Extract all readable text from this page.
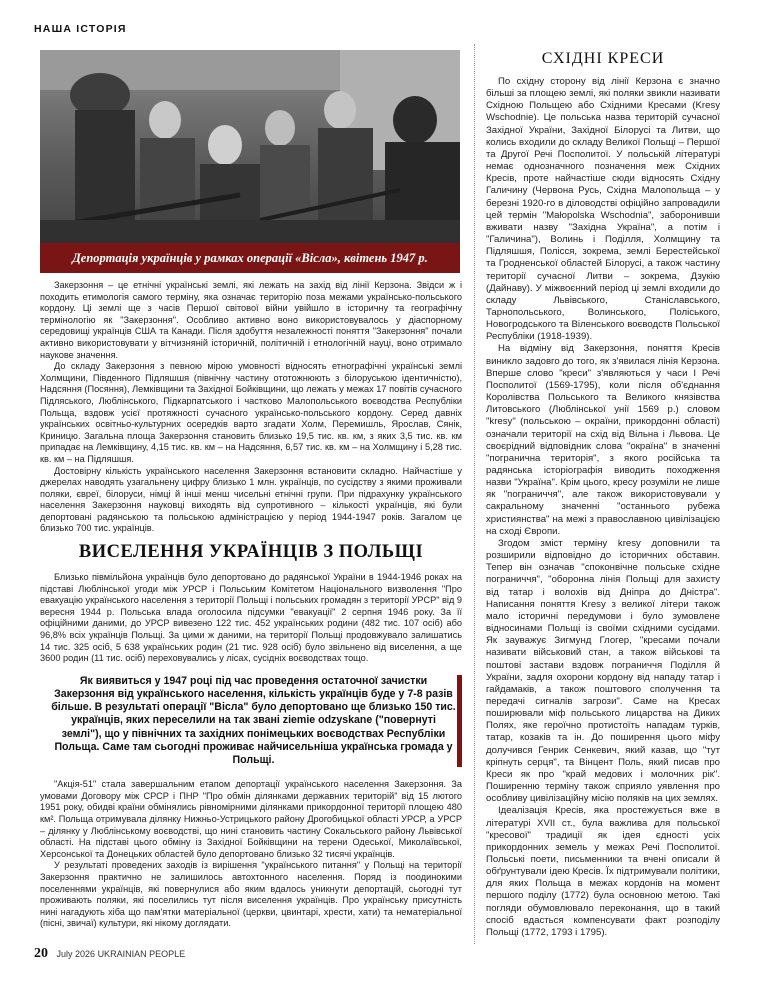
НАША ІСТОРІЯ
Депортація українців у рамках операції «Вісла», квітень 1947 р.

Закерзоння – це етнічні українські землі, які лежать на захід від лінії Керзона. Звідси ж і походить етимологія самого терміну, яка означає територію поза межами українсько-польського кордону. Ці землі ще з часів Першої світової війни увійшло в історичну та географічну термінологію як "Закерзоння". Особливо активно воно використовувалось у діаспорному середовищі українців США та Канади. Після здобуття незалежності поняття "Закерзоння" почали активно використовувати у вітчизняній історичній, політичній і етнологічній науці, воно отримало наукове значення.

До складу Закерзоння з певною мірою умовності відносять етнографічні українські землі Холмщини, Південного Підляшшя (північну частину ототожнюють з білоруською ідентичністю), Надсяння (Посяння), Лемківщини та Західної Бойківщини, що лежать у межах 17 повітів сучасного Підляського, Люблінського, Підкарпатського і частково Малопольського воєводства Республіки Польща, вздовж усієї протяжності сучасного українсько-польського кордону. Серед давніх українських освітньо-культурних осередків варто згадати Холм, Перемишль, Ярослав, Сянік, Криницю. Загальна площа Закерзоння становить близько 19,5 тис. кв. км, з яких 3,5 тис. кв. км припадає на Лемківщину, 4,15 тис. кв. км – на Надсяння, 6,57 тис. кв. км – на Холмщину і 5,28 тис. кв. км – на Підляшшя.

Достовірну кількість українського населення Закерзоння встановити складно. Найчастіше у джерелах наводять узагальнену цифру близько 1 млн. українців, по сусідству з якими проживали поляки, євреї, білоруси, німці й інші менш чисельні етнічні групи. При підрахунку українського населення Закерзоння науковці виходять від супротивного – кількості українців, які були депортовані радянською та польською адміністрацією у період 1944-1947 років. Загалом це близько 700 тис. українців.

ВИСЕЛЕННЯ УКРАЇНЦІВ З ПОЛЬЩІ

Близько півмільйона українців було депортовано до радянської України в 1944-1946 роках на підставі Люблінської угоди між УРСР і Польським Комітетом Національного визволення "Про евакуацію українського населення з території Польщі і польських громадян з території УРСР" від 9 вересня 1944 р. Польська влада оголосила підсумки "евакуації" 2 серпня 1946 року. За її офіційними даними, до УРСР вивезено 122 тис. 452 українських родини (482 тис. 107 осіб) або 96,8% всіх українців Польщі. За цими ж даними, на території Польщі продовжувало залишатись 14 тис. 325 осіб, 5 638 українських родин (21 тис. 928 осіб) було звільнено від виселення, а ще 3600 родин (11 тис. осіб) переховувались у лісах, сусідніх воєводствах тощо.

Як виявиться у 1947 році під час проведення остаточної зачистки Закерзоння від українського населення, кількість українців буде у 7-8 разів більше. В результаті операції "Вісла" було депортовано ще близько 150 тис. українців, яких переселили на так звані ziemie odzyskane ("повернуті землі"), що у північних та західних понімецьких воєводствах Республіки Польща. Саме там сьогодні проживає найчисельніша українська громада у Польщі.

"Акція-51" стала завершальним етапом депортації українського населення Закерзоння. За умовами Договору між СРСР і ПНР "Про обмін ділянками державних територій" від 15 лютого 1951 року, обидві країни обмінялись рівномірними ділянками прикордонної території площею 480 км². Польща отримувала ділянку Нижньо-Устрицького району Дрогобицької області УРСР, а УРСР – ділянку у Люблінському воєводстві, що нині становить частину Сокальського району Львівської області. На підставі цього обміну із Західної Бойківщини на терени Одеської, Миколаївської, Херсонської та Донецьких областей було депортовано близько 32 тисячі українців.

У результаті проведених заходів із вирішення "українського питання" у Польщі на території Закерзоння практично не залишилось автохтонного населення. Поряд із поодинокими поселеннями українців, які повернулися або яким вдалось уникнути депортацій, сьогодні тут проживають поляки, які поселились тут після виселення українців. Про українську присутність нині нагадують хіба що пам'ятки матеріальної (церкви, цвинтарі, хрести, хати) та нематеріальної (пісні, звичаї) культури, які нікому доглядати.

СХІДНІ КРЕСИ

По східну сторону від лінії Керзона є значно більші за площею землі, які поляки звикли називати Східною Польщею або Східними Кресами (Kresy Wschodnie). Це польська назва територій сучасної Західної України, Західної Білорусі та Литви, що колись входили до складу Великої Польщі – Першої та Другої Речі Посполитої. У польській літературі немає однозначного позначення меж Східних Кресів, проте найчастіше сюди відносять Східну Галичину (Червона Русь, Східна Малопольща – у березні 1920-го в діловодстві офіційно запровадили цей термін "Małopolska Wschodnia", заборонивши вживати назву "Західна Україна", а потім і "Галичина"), Волинь і Поділля, Холмщину та Підляшшя, Полісся, зокрема, землі Берестейської та Гродненської областей Білорусі, а також частину території сучасної Литви – зокрема, Дзукію (Дайнаву). У міжвоєнний період ці землі входили до складу Львівського, Станіславського, Тарнопольського, Волинського, Поліського, Новогродського та Віленського воєводств Польської Республіки (1918-1939).

На відміну від Закерзоння, поняття Кресів виникло задовго до того, як з'явилася лінія Керзона. Вперше слово "креси" з'являються у часи І Речі Посполитої (1569-1795), коли після об'єднання Королівства Польського та Великого князівства Литовського (Люблінської унії 1569 р.) словом "kresy" (польською – окраїни, прикордонні області) означали території на схід від Вільна і Львова. Це своєрідний відповідник слова "окраїна" в значенні "погранична територія", з якого російська та радянська історіографія виводить походження назви "Україна". Крім цього, кресу розуміли не лише як "пограниччя", але також використовували у сакральному значенні "останнього рубежа християнства" на межі з православною цивілізацією на сході Європи.

Згодом зміст терміну kresy доповнили та розширили відповідно до історичних обставин. Тепер він означав "споконвічне польське східне пограниччя", "оборонна лінія Польщі для захисту від татар і волохів від Дніпра до Дністра". Написання поняття Kresy з великої літери також мало історичні передумови і було зумовлене відносинами Польщі із своїми східними сусідами. Як зауважує Зигмунд Глогер, "кресами почали називати військовий стан, а також військові та поштові застави вздовж пограниччя Поділля й України, задля охорони кордону від нападу татар і гайдамаків, а також поштового сполучення та передачі сигналів загрози". Саме на Кресах поширювали міф польського лицарства на Диких Полях, яке героїчно протистоїть нападам турків, татар, козаків та ін. До поширення цього міфу долучився Генрик Сенкевич, який казав, що "тут кріпнуть серця", та Вінцент Поль, який писав про Креси як про "край медових і молочних рік". Поширенню терміну також сприяло уявлення про особливу цивілізаційну місію поляків на цих землях.

Ідеалізація Кресів, яка простежується вже в літературі XVII ст., була важлива для польської "кресової" традиції як ідея єдності усіх прикордонних земель у межах Речі Посполитої. Польські поети, письменники та вчені описали й обґрунтували ідею Кресів. Їх підтримували політики, для яких Польща в межах кордонів на момент першого поділу (1772) була основною метою. Такі погляди обумовлювало переконання, що в такий спосіб вдасться компенсувати факт розподілу Польщі (1772, 1793 і 1795).

20 July 2026 UKRAINIAN PEOPLE
